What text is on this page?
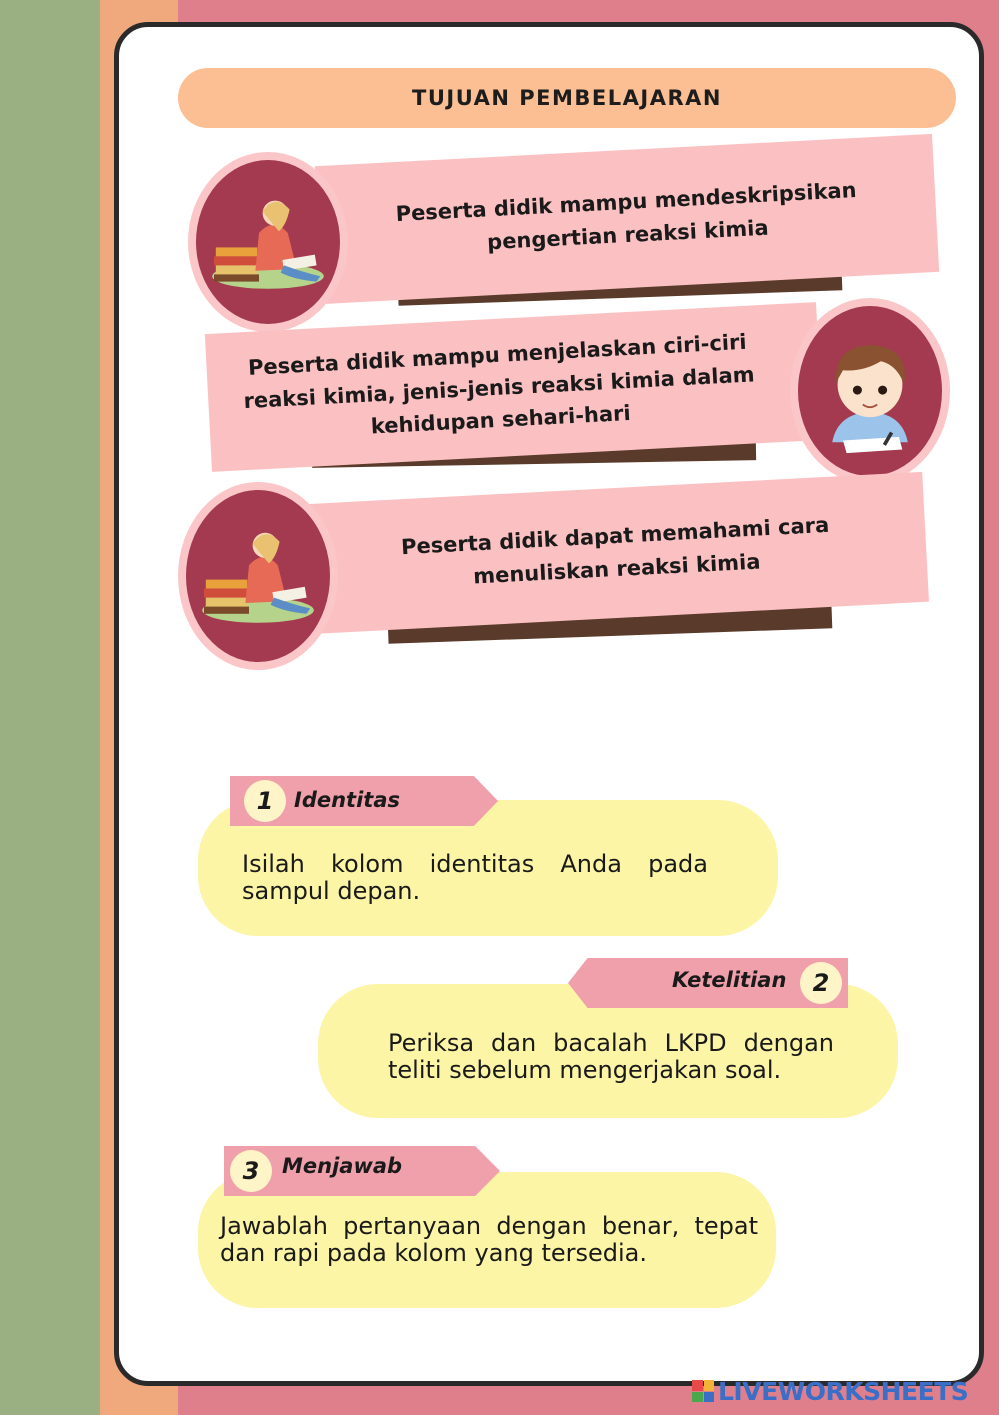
TUJUAN PEMBELAJARAN
Peserta didik mampu mendeskripsikan pengertian reaksi kimia
Peserta didik mampu menjelaskan ciri-ciri reaksi kimia, jenis-jenis reaksi kimia dalam kehidupan sehari-hari
Peserta didik dapat memahami cara menuliskan reaksi kimia
1 Identitas
Isilah kolom identitas Anda pada sampul depan.
Ketelitian	2
Periksa dan bacalah LKPD dengan teliti sebelum mengerjakan soal.
3	Menjawab
Jawablah pertanyaan dengan benar, tepat dan rapi pada kolom yang tersedia.
LIVEWORKSHEETS
